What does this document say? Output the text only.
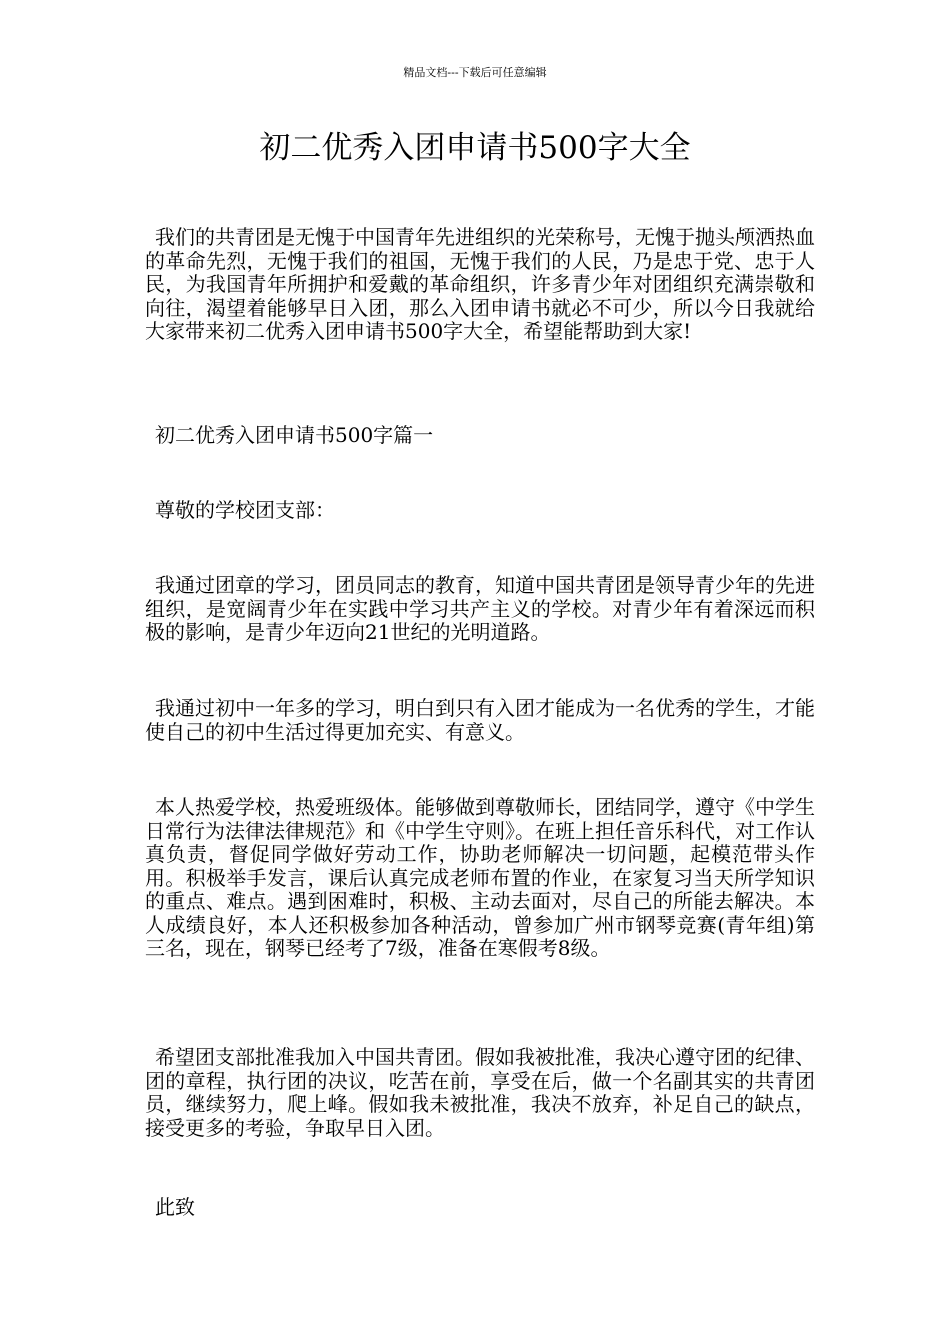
精品文档---下载后可任意编辑
初二优秀入团申请书500字大全

我们的共青团是无愧于中国青年先进组织的光荣称号，无愧于抛头颅洒热血的革命先烈，无愧于我们的祖国，无愧于我们的人民，乃是忠于党、忠于人民，为我国青年所拥护和爱戴的革命组织，许多青少年对团组织充满崇敬和向往，渴望着能够早日入团，那么入团申请书就必不可少，所以今日我就给大家带来初二优秀入团申请书500字大全，希望能帮助到大家!

初二优秀入团申请书500字篇一

尊敬的学校团支部：

我通过团章的学习，团员同志的教育，知道中国共青团是领导青少年的先进组织，是宽阔青少年在实践中学习共产主义的学校。对青少年有着深远而积极的影响，是青少年迈向21世纪的光明道路。

我通过初中一年多的学习，明白到只有入团才能成为一名优秀的学生，才能使自己的初中生活过得更加充实、有意义。

本人热爱学校，热爱班级体。能够做到尊敬师长，团结同学，遵守《中学生日常行为法律法律规范》和《中学生守则》。在班上担任音乐科代，对工作认真负责，督促同学做好劳动工作，协助老师解决一切问题，起模范带头作用。积极举手发言，课后认真完成老师布置的作业，在家复习当天所学知识的重点、难点。遇到困难时，积极、主动去面对，尽自己的所能去解决。本人成绩良好，本人还积极参加各种活动，曾参加广州市钢琴竞赛(青年组)第三名，现在，钢琴已经考了7级，准备在寒假考8级。

希望团支部批准我加入中国共青团。假如我被批准，我决心遵守团的纪律、团的章程，执行团的决议，吃苦在前，享受在后，做一个名副其实的共青团员，继续努力，爬上峰。假如我未被批准，我决不放弃，补足自己的缺点，接受更多的考验，争取早日入团。

此致
